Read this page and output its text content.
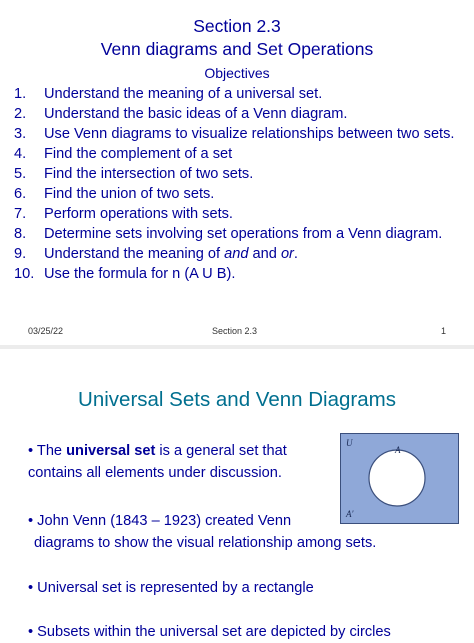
Section 2.3
Venn diagrams and Set Operations
Objectives
1. Understand the meaning of a universal set.
2. Understand the basic ideas of a Venn diagram.
3. Use Venn diagrams to visualize relationships between two sets.
4. Find the complement of a set
5. Find the intersection of two sets.
6. Find the union of two sets.
7. Perform operations with sets.
8. Determine sets involving set operations from a Venn diagram.
9. Understand the meaning of and and or.
10. Use the formula for n (A U B).
03/25/22	Section 2.3	1
Universal Sets and Venn Diagrams
• The universal set is a general set that
contains all elements under discussion.
• John Venn (1843 – 1923) created Venn
diagrams to show the visual relationship among sets.
• Universal set is represented by a rectangle
• Subsets within the universal set are depicted by circles
U
A
A′
